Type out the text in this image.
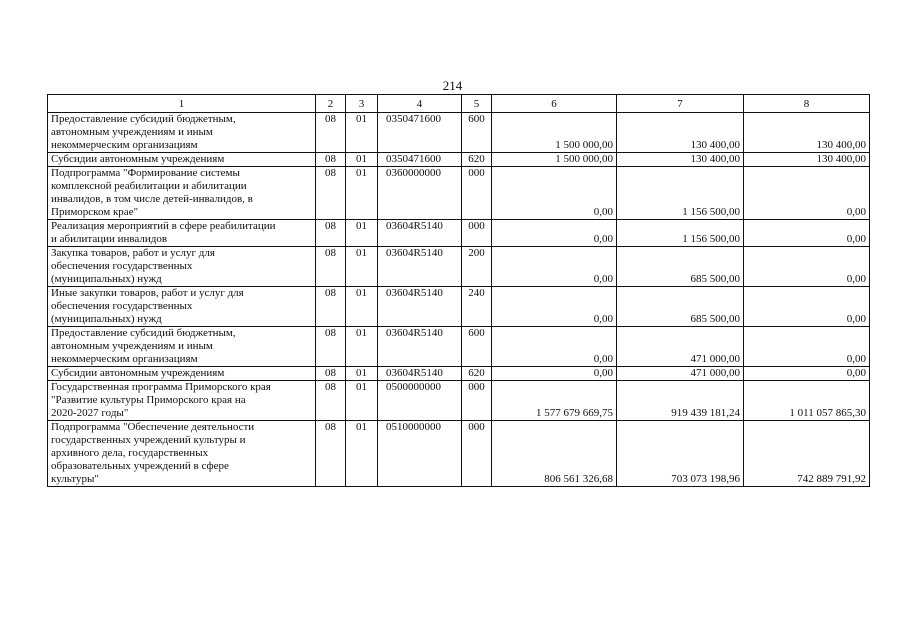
214
1	2	3	4	5	6	7	8
Предоставление субсидий бюджетным,
автономным учреждениям и иным
некоммерческим организациям	08	01	0350471600	600	1 500 000,00	130 400,00	130 400,00
Субсидии автономным учреждениям	08	01	0350471600	620	1 500 000,00	130 400,00	130 400,00
Подпрограмма "Формирование системы
комплексной реабилитации и абилитации
инвалидов, в том числе детей-инвалидов, в
Приморском крае"	08	01	0360000000	000	0,00	1 156 500,00	0,00
Реализация мероприятий в сфере реабилитации
и абилитации инвалидов	08	01	03604R5140	000	0,00	1 156 500,00	0,00
Закупка товаров, работ и услуг для
обеспечения государственных
(муниципальных) нужд	08	01	03604R5140	200	0,00	685 500,00	0,00
Иные закупки товаров, работ и услуг для
обеспечения государственных
(муниципальных) нужд	08	01	03604R5140	240	0,00	685 500,00	0,00
Предоставление субсидий бюджетным,
автономным учреждениям и иным
некоммерческим организациям	08	01	03604R5140	600	0,00	471 000,00	0,00
Субсидии автономным учреждениям	08	01	03604R5140	620	0,00	471 000,00	0,00
Государственная программа Приморского края
"Развитие культуры Приморского края на
2020-2027 годы"	08	01	0500000000	000	1 577 679 669,75	919 439 181,24	1 011 057 865,30
Подпрограмма "Обеспечение деятельности
государственных учреждений культуры и
архивного дела, государственных
образовательных учреждений в сфере
культуры"	08	01	0510000000	000	806 561 326,68	703 073 198,96	742 889 791,92
